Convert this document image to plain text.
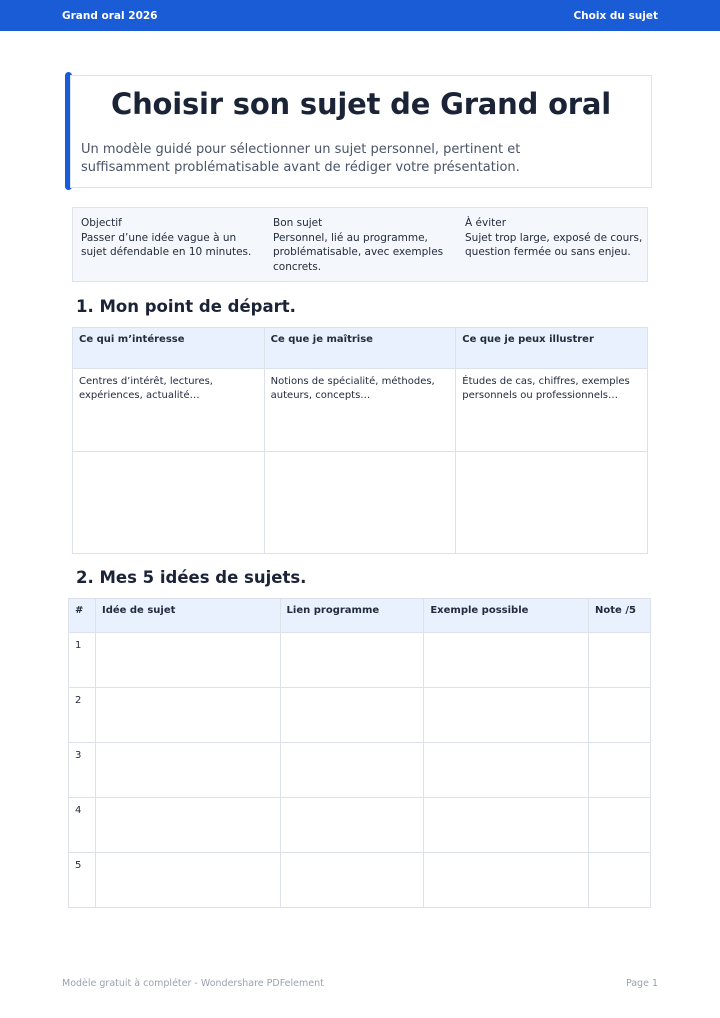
Grand oral 2026	Choix du sujet
Choisir son sujet de Grand oral

Un modèle guidé pour sélectionner un sujet personnel, pertinent et suffisamment problématisable avant de rédiger votre présentation.

Objectif
Passer d’une idée vague à un sujet défendable en 10 minutes.
Bon sujet
Personnel, lié au programme, problématisable, avec exemples concrets.
À éviter
Sujet trop large, exposé de cours, question fermée ou sans enjeu.
1. Mon point de départ.
Ce qui m’intéresse	Ce que je maîtrise	Ce que je peux illustrer
Centres d’intérêt, lectures, expériences, actualité…	Notions de spécialité, méthodes, auteurs, concepts…	Études de cas, chiffres, exemples personnels ou professionnels…

2. Mes 5 idées de sujets.
#	Idée de sujet	Lien programme	Exemple possible	Note /5
1				
2				
3				
4				
5				
Modèle gratuit à compléter - Wondershare PDFelement	Page 1
